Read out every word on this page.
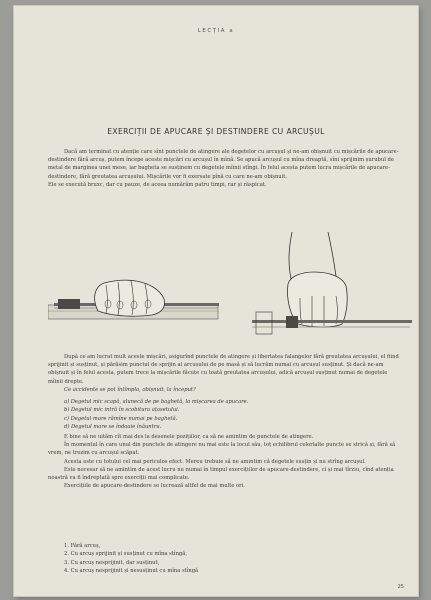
LECȚIA a
EXERCIȚII DE APUCARE ȘI DESTINDERE CU ARCUȘUL

Dacă am terminat cu atenție care sînt punctele de atingere ale degetelor cu arcușul și ne-am obișnuit cu mișcările de apucare-destindere fără arcuș, putem începe aceste mișcări cu arcușul în mînă. Se apucă arcușul cu mîna dreaptă, sîni sprijinim șurubul de metal de marginea unei mese, iar bagheta se susținem cu degetele mîinii stîngi. În felul acesta putem lucra mișcările de apucare-destindere, fără greutatea arcușului. Mișcările vor fi exersate pînă cu care ne-am obișnuit.

Ele se execută bruxc, dar cu pauze, de aceea numărăm patru timpi, rar și răspicat.

După ce am lucrat mult aceste mișcări, asigurînd punctele de atingere și libertatea falangelor fără greutatea arcușului, el fiind sprijinit și susținut, și părăsim punctul de sprijin al arcușului de pe masă și să lucrăm numai cu arcușul susținut. Și dacă ne-am obișnuit și în felul acesta, putem trece la mișcările făcute cu toată greutatea arcușului, adică arcușul susținut numai de degetele mîinii drepte.

Ce accidente se pot întîmpla, obișnuit, la început?

a) Degetul mic scapă, alunecă de pe baghetă, la mișcarea de apucare.
b) Degetul mic intră în scobitura ațasetului.
c) Degetul mare rămîne numai pe baghetă.
d) Degetul mare se îndoaie înăuntru.

E bine să ne uităm cît mai des la desenele pozițiilor, ca să ne amintim de punctele de atingere.

În momentul în care unul din punctele de atingere nu mai este la locul său, toț echilibrul celorlalte puncte se strică și, fără să vrem, ne trezim cu arcușul scăpat.

Acesta este cu totului cel mai periculos efect. Mereu trebuie să ne amintim că degetele susțin și nu strîng arcușul.

Este necesar să ne amintim de acest lucru nu numai în timpul exercițiilor de apucare-destindere, ci și mai tîrziu, cînd atenția noastră va fi îndreptată spre exerciții mai complicate.

Exercițiile de apucare-destindere se lucrează altfel de mai multe ori.

1. Fără arcuș,
2. Cu arcuș sprijinit și susținut cu mîna stîngă,
3. Cu arcuș nesprijinit, dar susținut,
4. Cu arcuș nesprijinit și nesusținut cu mîna stîngă
25
